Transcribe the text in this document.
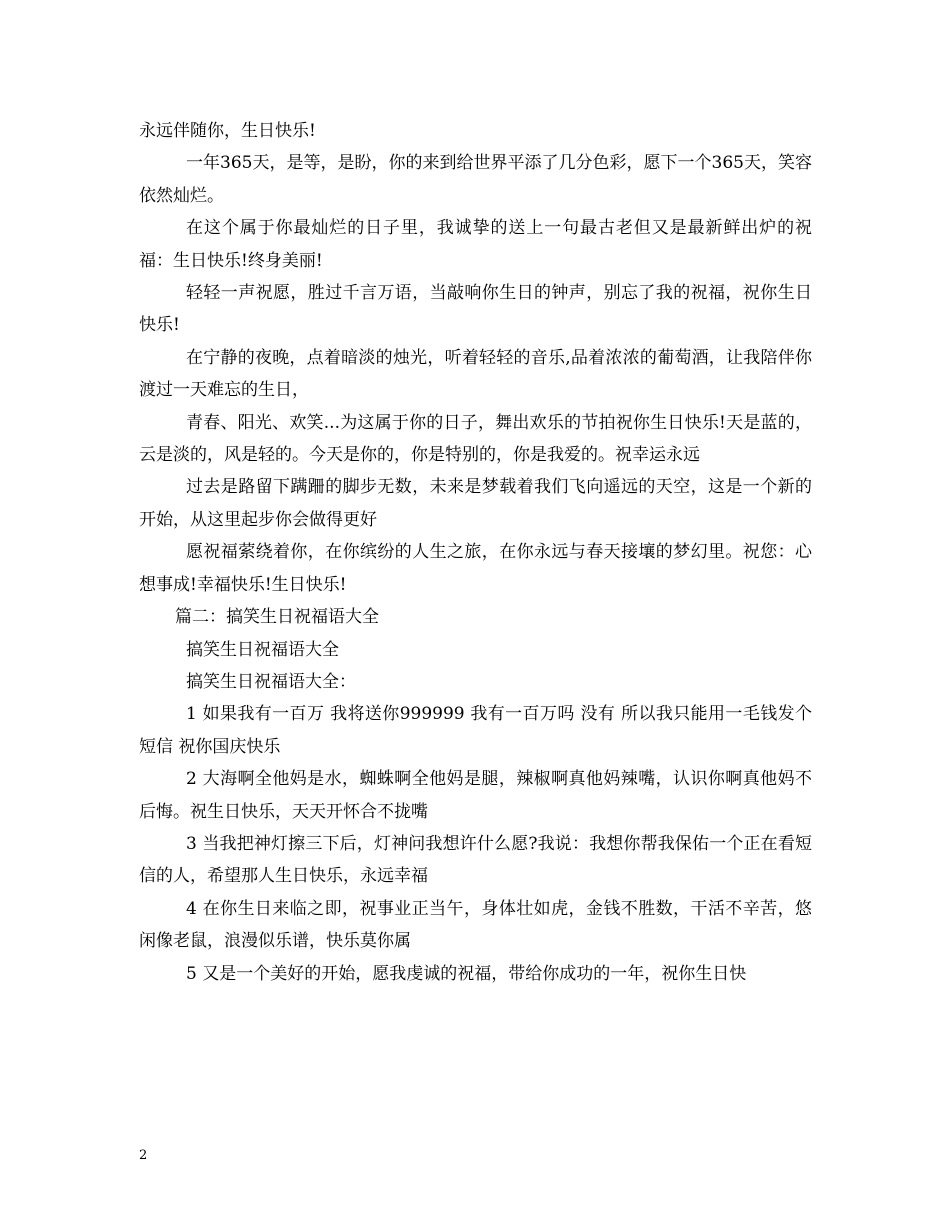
永远伴随你，生日快乐!

一年365天，是等，是盼，你的来到给世界平添了几分色彩，愿下一个365天，笑容依然灿烂。

在这个属于你最灿烂的日子里，我诚挚的送上一句最古老但又是最新鲜出炉的祝福：生日快乐!终身美丽!

轻轻一声祝愿，胜过千言万语，当敲响你生日的钟声，别忘了我的祝福，祝你生日快乐!

在宁静的夜晚，点着暗淡的烛光，听着轻轻的音乐,品着浓浓的葡萄酒，让我陪伴你渡过一天难忘的生日，

青春、阳光、欢笑...为这属于你的日子，舞出欢乐的节拍祝你生日快乐!天是蓝的，云是淡的，风是轻的。今天是你的，你是特别的，你是我爱的。祝幸运永远

过去是路留下蹒跚的脚步无数，未来是梦载着我们飞向遥远的天空，这是一个新的开始，从这里起步你会做得更好

愿祝福萦绕着你，在你缤纷的人生之旅，在你永远与春天接壤的梦幻里。祝您：心想事成!幸福快乐!生日快乐!

篇二：搞笑生日祝福语大全

搞笑生日祝福语大全

搞笑生日祝福语大全：

1 如果我有一百万 我将送你999999 我有一百万吗 没有 所以我只能用一毛钱发个短信 祝你国庆快乐

2 大海啊全他妈是水，蜘蛛啊全他妈是腿，辣椒啊真他妈辣嘴，认识你啊真他妈不后悔。祝生日快乐，天天开怀合不拢嘴

3 当我把神灯擦三下后，灯神问我想许什么愿?我说：我想你帮我保佑一个正在看短信的人，希望那人生日快乐，永远幸福

4 在你生日来临之即，祝事业正当午，身体壮如虎，金钱不胜数，干活不辛苦，悠闲像老鼠，浪漫似乐谱，快乐莫你属

5 又是一个美好的开始，愿我虔诚的祝福，带给你成功的一年，祝你生日快

2
